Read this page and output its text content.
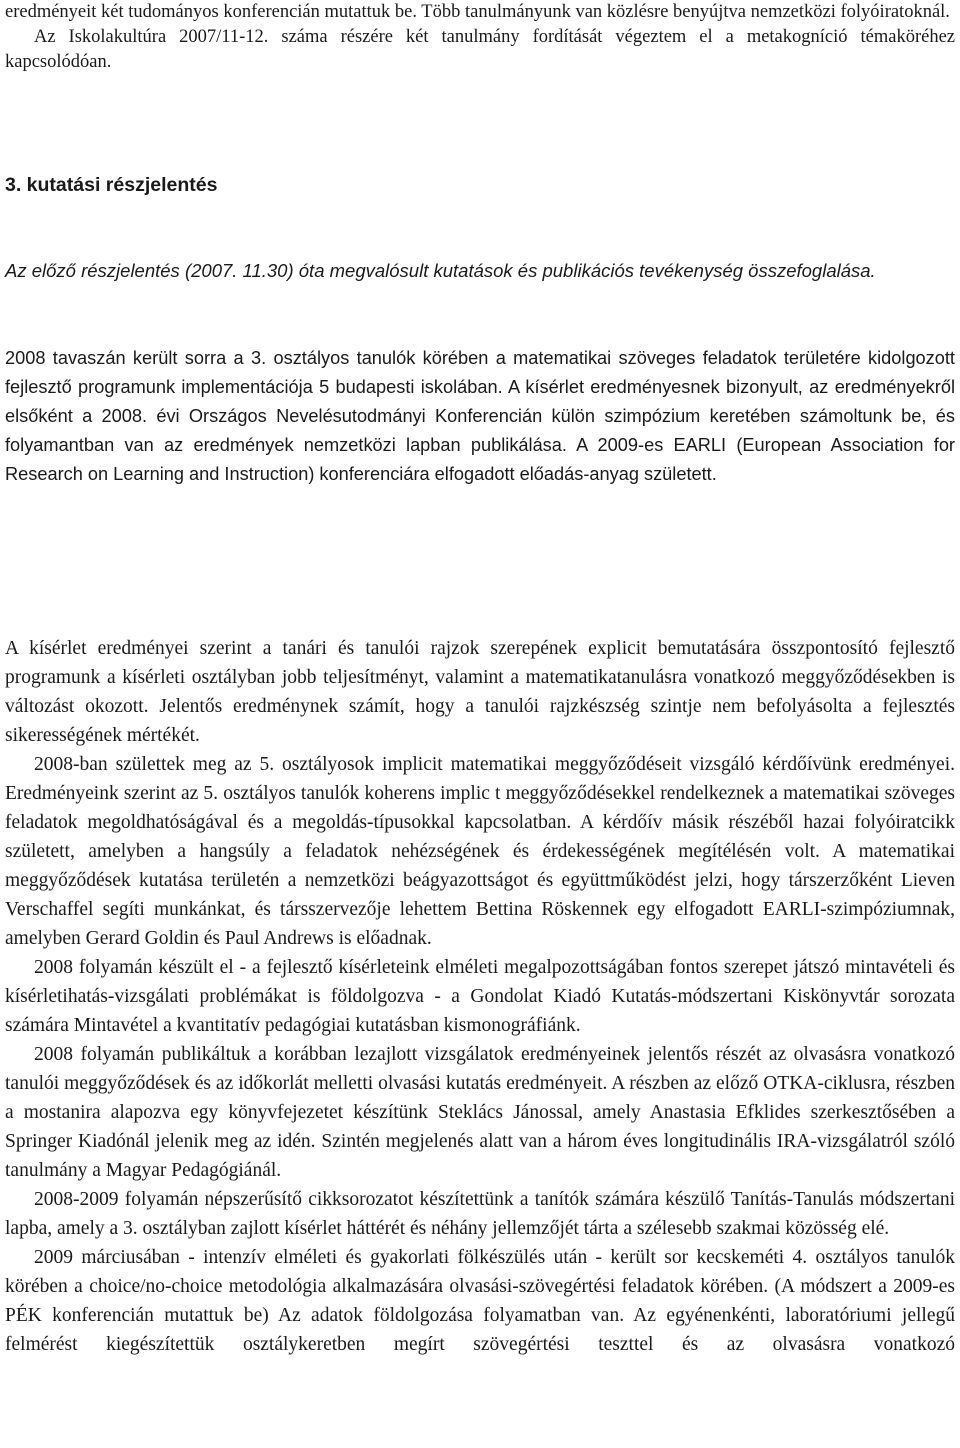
eredményeit két tudományos konferencián mutattuk be. Több tanulmányunk van közlésre benyújtva nemzetközi folyóiratoknál.

Az Iskolakultúra 2007/11-12. száma részére két tanulmány fordítását végeztem el a metakogníció témaköréhez kapcsolódóan.

3. kutatási részjelentés

Az előző részjelentés (2007. 11.30) óta megvalósult kutatások és publikációs tevékenység összefoglalása.

2008 tavaszán került sorra a 3. osztályos tanulók körében a matematikai szöveges feladatok területére kidolgozott fejlesztő programunk implementációja 5 budapesti iskolában. A kísérlet eredményesnek bizonyult, az eredményekről elsőként a 2008. évi Országos Nevelésutodmányi Konferencián külön szimpózium keretében számoltunk be, és folyamantban van az eredmények nemzetközi lapban publikálása. A 2009-es EARLI (European Association for Research on Learning and Instruction) konferenciára elfogadott előadás-anyag született.

A kísérlet eredményei szerint a tanári és tanulói rajzok szerepének explicit bemutatására összpontosító fejlesztő programunk a kísérleti osztályban jobb teljesítményt, valamint a matematikatanulásra vonatkozó meggyőződésekben is változást okozott. Jelentős eredménynek számít, hogy a tanulói rajzkészség szintje nem befolyásolta a fejlesztés sikerességének mértékét.

2008-ban születtek meg az 5. osztályosok implicit matematikai meggyőződéseit vizsgáló kérdőívünk eredményei. Eredményeink szerint az 5. osztályos tanulók koherens implic t meggyőződésekkel rendelkeznek a matematikai szöveges feladatok megoldhatóságával és a megoldás-típusokkal kapcsolatban. A kérdőív másik részéből hazai folyóiratcikk született, amelyben a hangsúly a feladatok nehézségének és érdekességének megítélésén volt. A matematikai meggyőződések kutatása területén a nemzetközi beágyazottságot és együttműködést jelzi, hogy társzerzőként Lieven Verschaffel segíti munkánkat, és társszervezője lehettem Bettina Röskennek egy elfogadott EARLI-szimpóziumnak, amelyben Gerard Goldin és Paul Andrews is előadnak.

2008 folyamán készült el - a fejlesztő kísérleteink elméleti megalpozottságában fontos szerepet játszó mintavételi és kísérletihatás-vizsgálati problémákat is földolgozva - a Gondolat Kiadó Kutatás-módszertani Kiskönyvtár sorozata számára Mintavétel a kvantitatív pedagógiai kutatásban kismonográfiánk.

2008 folyamán publikáltuk a korábban lezajlott vizsgálatok eredményeinek jelentős részét az olvasásra vonatkozó tanulói meggyőződések és az időkorlát melletti olvasási kutatás eredményeit. A részben az előző OTKA-ciklusra, részben a mostanira alapozva egy könyvfejezetet készítünk Steklács Jánossal, amely Anastasia Efklides szerkesztősében a Springer Kiadónál jelenik meg az idén. Szintén megjelenés alatt van a három éves longitudinális IRA-vizsgálatról szóló tanulmány a Magyar Pedagógiánál.

2008-2009 folyamán népszerűsítő cikksorozatot készítettünk a tanítók számára készülő Tanítás-Tanulás módszertani lapba, amely a 3. osztályban zajlott kísérlet háttérét és néhány jellemzőjét tárta a szélesebb szakmai közösség elé.

2009 márciusában - intenzív elméleti és gyakorlati fölkészülés után - került sor kecskeméti 4. osztályos tanulók körében a choice/no-choice metodológia alkalmazására olvasási-szövegértési feladatok körében. (A módszert a 2009-es PÉK konferencián mutattuk be) Az adatok földolgozása folyamatban van. Az egyénenkénti, laboratóriumi jellegű felmérést kiegészítettük osztálykeretben megírt szövegértési teszttel és az olvasásra vonatkozó
